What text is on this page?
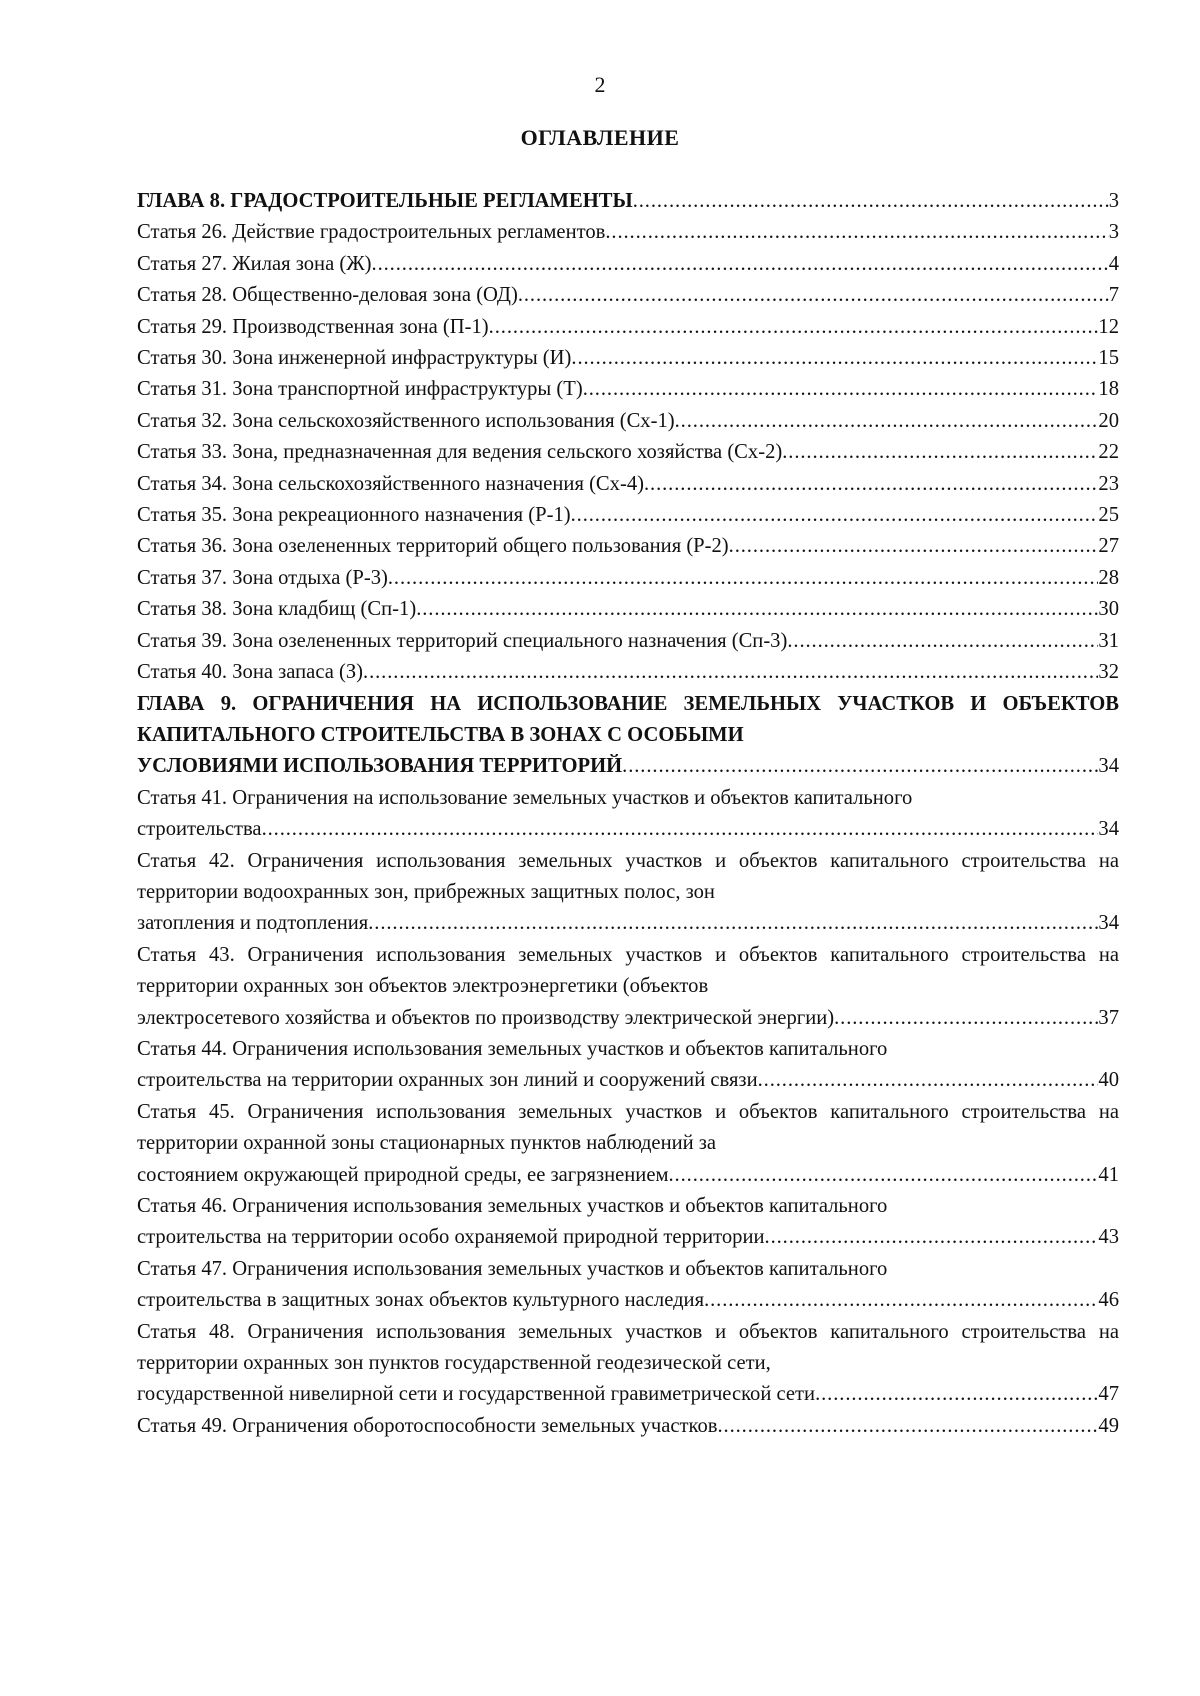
2
ОГЛАВЛЕНИЕ
ГЛАВА 8. ГРАДОСТРОИТЕЛЬНЫЕ РЕГЛАМЕНТЫ .....	3
Статья 26. Действие градостроительных регламентов .....	3
Статья 27. Жилая зона (Ж) .....	4
Статья 28. Общественно-деловая зона (ОД) .....	7
Статья 29. Производственная зона (П-1) .....	12
Статья 30. Зона инженерной инфраструктуры (И) .....	15
Статья 31. Зона транспортной инфраструктуры (Т) .....	18
Статья 32. Зона сельскохозяйственного использования (Сх-1) .....	20
Статья 33. Зона, предназначенная для ведения сельского хозяйства (Сх-2) .....	22
Статья 34. Зона сельскохозяйственного назначения (Сх-4) .....	23
Статья 35. Зона рекреационного назначения (Р-1) .....	25
Статья 36. Зона озелененных территорий общего пользования (Р-2) .....	27
Статья 37. Зона отдыха (Р-3) .....	28
Статья 38. Зона кладбищ (Сп-1) .....	30
Статья 39. Зона озелененных территорий специального назначения (Сп-3) .....	31
Статья 40. Зона запаса (З) .....	32
ГЛАВА 9. ОГРАНИЧЕНИЯ НА ИСПОЛЬЗОВАНИЕ ЗЕМЕЛЬНЫХ УЧАСТКОВ И ОБЪЕКТОВ КАПИТАЛЬНОГО СТРОИТЕЛЬСТВА В ЗОНАХ С ОСОБЫМИ
УСЛОВИЯМИ ИСПОЛЬЗОВАНИЯ ТЕРРИТОРИЙ .....	34
Статья 41. Ограничения на использование земельных участков и объектов капитального
строительства .....	34
Статья 42. Ограничения использования земельных участков и объектов капитального строительства на территории водоохранных зон, прибрежных защитных полос, зон
затопления и подтопления .....	34
Статья 43. Ограничения использования земельных участков и объектов капитального строительства на территории охранных зон объектов электроэнергетики (объектов
электросетевого хозяйства и объектов по производству электрической энергии) .....	37
Статья 44. Ограничения использования земельных участков и объектов капитального
строительства на территории охранных зон линий и сооружений связи .....	40
Статья 45. Ограничения использования земельных участков и объектов капитального строительства на территории охранной зоны стационарных пунктов наблюдений за
состоянием окружающей природной среды, ее загрязнением .....	41
Статья 46. Ограничения использования земельных участков и объектов капитального
строительства на территории особо охраняемой природной территории .....	43
Статья 47. Ограничения использования земельных участков и объектов капитального
строительства в защитных зонах объектов культурного наследия .....	46
Статья 48. Ограничения использования земельных участков и объектов капитального строительства на территории охранных зон пунктов государственной геодезической сети,
государственной нивелирной сети и государственной гравиметрической сети .....	47
Статья 49. Ограничения оборотоспособности земельных участков .....	49
